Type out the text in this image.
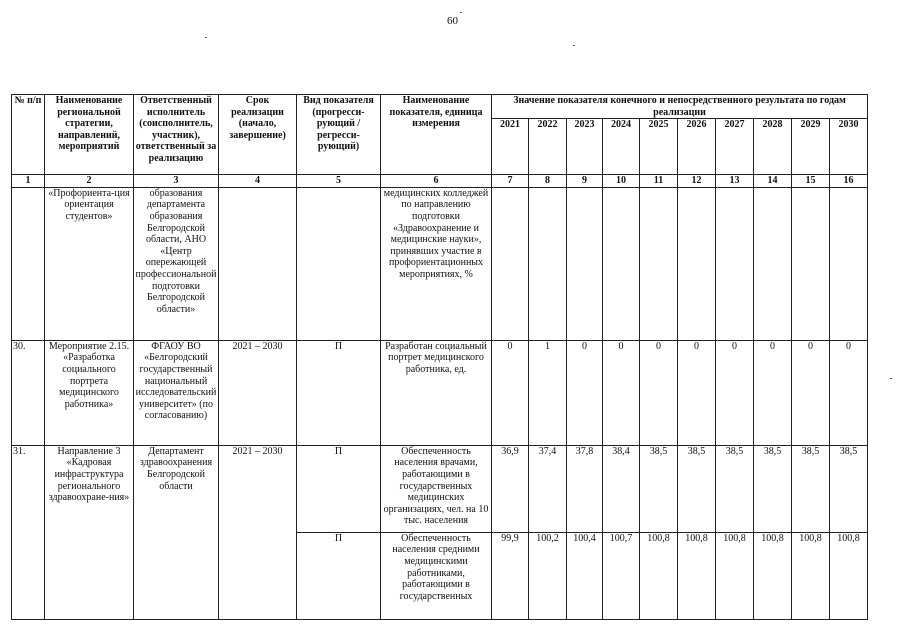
60
№ п/п	Наименование региональной стратегии, направлений, мероприятий	Ответственный исполнитель (соисполнитель, участник), ответственный за реализацию	Срок реализации (начало, завершение)	Вид показателя (прогресси-рующий / регресси-рующий)	Наименование показателя, единица измерения	Значение показателя конечного и непосредственного результата по годам реализации									
						2021	2022	2023	2024	2025	2026	2027	2028	2029	2030
1	2	3	4	5	6	7	8	9	10	11	12	13	14	15	16
	«Профориента-ция ориентация студентов»	образования департамента образования Белгородской области, АНО «Центр опережающей профессиональной подготовки Белгородской области»			медицинских колледжей по направлению подготовки «Здравоохранение и медицинские науки», принявших участие в профориентационных мероприятиях, %										
30.	Мероприятие 2.15. «Разработка социального портрета медицинского работника»	ФГАОУ ВО «Белгородский государственный национальный исследовательский университет» (по согласованию)	2021 – 2030	П	Разработан социальный портрет медицинского работника, ед.	0	1	0	0	0	0	0	0	0	0
31.	Направление 3 «Кадровая инфраструктура регионального здравоохране-ния»	Департамент здравоохранения Белгородской области	2021 – 2030	П	Обеспеченность населения врачами, работающими в государственных медицинских организациях, чел. на 10 тыс. населения	36,9	37,4	37,8	38,4	38,5	38,5	38,5	38,5	38,5	38,5
				П	Обеспеченность населения средними медицинскими работниками, работающими в государственных	99,9	100,2	100,4	100,7	100,8	100,8	100,8	100,8	100,8	100,8
